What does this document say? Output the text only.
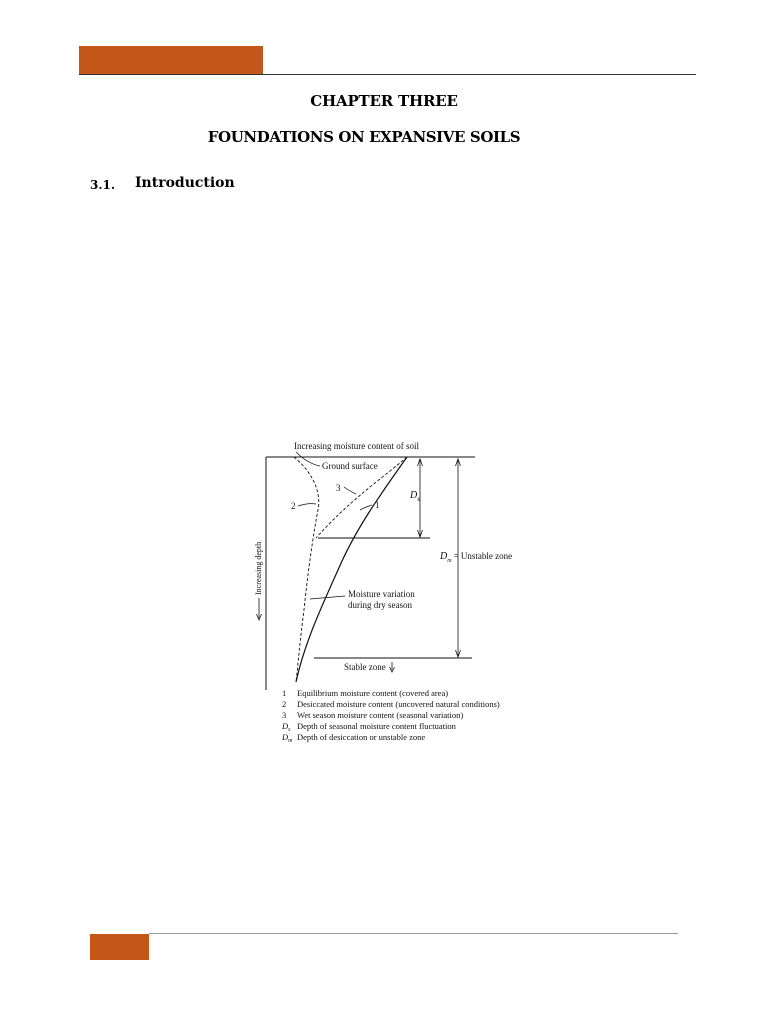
CHAPTER THREE
FOUNDATIONS ON EXPANSIVE SOILS
3.1. Introduction
Increasing moisture content of soil
Increasing depth
Ground surface
3
2	1
$D_s$
$D_m$ = Unstable zone
Moisture variation
during dry season
Stable zone
1 Equilibrium moisture content (covered area)
2 Desiccated moisture content (uncovered natural conditions)
3 Wet season moisture content (seasonal variation)
$D_s$ Depth of seasonal moisture content fluctuation
$D_m$ Depth of desiccation or unstable zone
